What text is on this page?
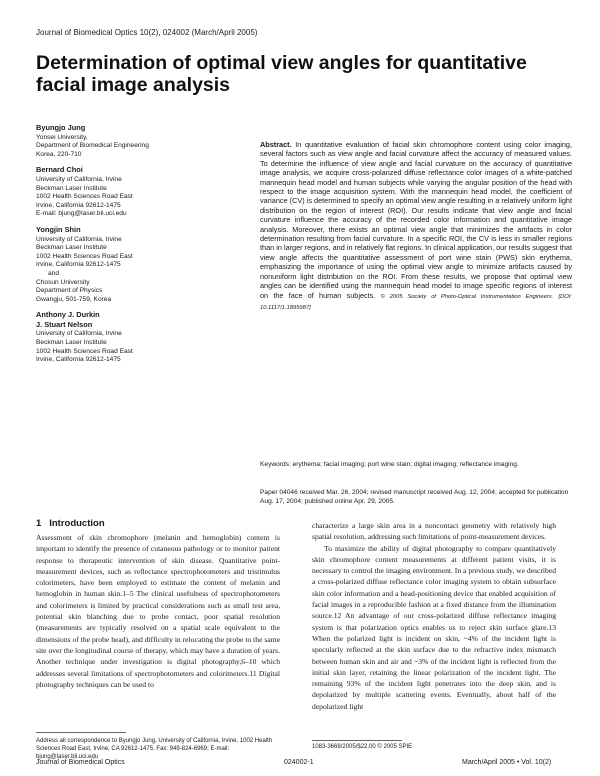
Journal of Biomedical Optics 10(2), 024002 (March/April 2005)
Determination of optimal view angles for quantitative facial image analysis
Byungjo Jung
Yonsei University,
Department of Biomedical Engineering
Korea, 220-710
Bernard Choi
University of California, Irvine
Beckman Laser Institute
1002 Health Sciences Road East
Irvine, California 92612-1475
E-mail: bjung@laser.bli.uci.edu
Yongjin Shin
University of California, Irvine
Beckman Laser Institute
1002 Health Sciences Road East
Irvine, California 92612-1475
and
Chosun University
Department of Physics
Gwangju, 501-759, Korea
Anthony J. Durkin
J. Stuart Nelson
University of California, Irvine
Beckman Laser Institute
1002 Health Sciences Road East
Irvine, California 92612-1475
Abstract. In quantitative evaluation of facial skin chromophore content using color imaging, several factors such as view angle and facial curvature affect the accuracy of measured values. To determine the influence of view angle and facial curvature on the accuracy of quantitative image analysis, we acquire cross-polarized diffuse reflectance color images of a white-patched mannequin head model and human subjects while varying the angular position of the head with respect to the image acquisition system. With the mannequin head model, the coefficient of variance (CV) is determined to specify an optimal view angle resulting in a relatively uniform light distribution on the region of interest (ROI). Our results indicate that view angle and facial curvature influence the accuracy of the recorded color information and quantitative image analysis. Moreover, there exists an optimal view angle that minimizes the artifacts in color determination resulting from facial curvature. In a specific ROI, the CV is less in smaller regions than in larger regions, and in relatively flat regions. In clinical application, our results suggest that view angle affects the quantitative assessment of port wine stain (PWS) skin erythema, emphasizing the importance of using the optimal view angle to minimize artifacts caused by nonuniform light distribution on the ROI. From these results, we propose that optimal view angles can be identified using the mannequin head model to image specific regions of interest on the face of human subjects. © 2005 Society of Photo-Optical Instrumentation Engineers. [DOI: 10.1117/1.1895987]
Keywords: erythema; facial imaging; port wine stain; digital imaging; reflectance imaging.
Paper 04046 received Mar. 26, 2004; revised manuscript received Aug. 12, 2004; accepted for publication Aug. 17, 2004; published online Apr. 29, 2005.
1 Introduction

Assessment of skin chromophore (melanin and hemoglobin) content is important to identify the presence of cutaneous pathology or to monitor patient response to therapeutic intervention of skin disease. Quantitative point-measurement devices, such as reflectance spectrophotometers and tristimulus colorimeters, have been employed to estimate the content of melanin and hemoglobin in human skin.1–5 The clinical usefulness of spectrophotometers and colorimeters is limited by practical considerations such as small test area, potential skin blanching due to probe contact, poor spatial resolution (measurements are typically resolved on a spatial scale equivalent to the dimensions of the probe head), and difficulty in relocating the probe to the same site over the longitudinal course of therapy, which may have a duration of years. Another technique under investigation is digital photography,6–10 which addresses several limitations of spectrophotometers and colorimeters.11 Digital photography techniques can be used to

characterize a large skin area in a noncontact geometry with relatively high spatial resolution, addressing such limitations of point-measurement devices.

To maximize the ability of digital photography to compare quantitatively skin chromophore content measurements at different patient visits, it is necessary to control the imaging environment. In a previous study, we described a cross-polarized diffuse reflectance color imaging system to obtain subsurface skin color information and a head-positioning device that enabled acquisition of facial images in a reproducible fashion at a fixed distance from the illumination source.12 An advantage of our cross-polarized diffuse reflectance imaging system is that polarization optics enables us to reject skin surface glare.13 When the polarized light is incident on skin, ~4% of the incident light is specularly reflected at the skin surface due to the refractive index mismatch between human skin and air and ~3% of the incident light is reflected from the initial skin layer, retaining the linear polarization of the incident light. The remaining 93% of the incident light penetrates into the deep skin, and is depolarized by multiple scattering events. Eventually, about half of the depolarized light

Address all correspondence to Byungjo Jung, University of California, Irvine, 1002 Health Sciences Road East, Irvine, CA 92612-1475. Fax: 949-824-6969; E-mail: bjung@laser.bli.uci.edu
1083-3668/2005/$22.00 © 2005 SPIE
Journal of Biomedical Optics	024002-1	March/April 2005 • Vol. 10(2)
